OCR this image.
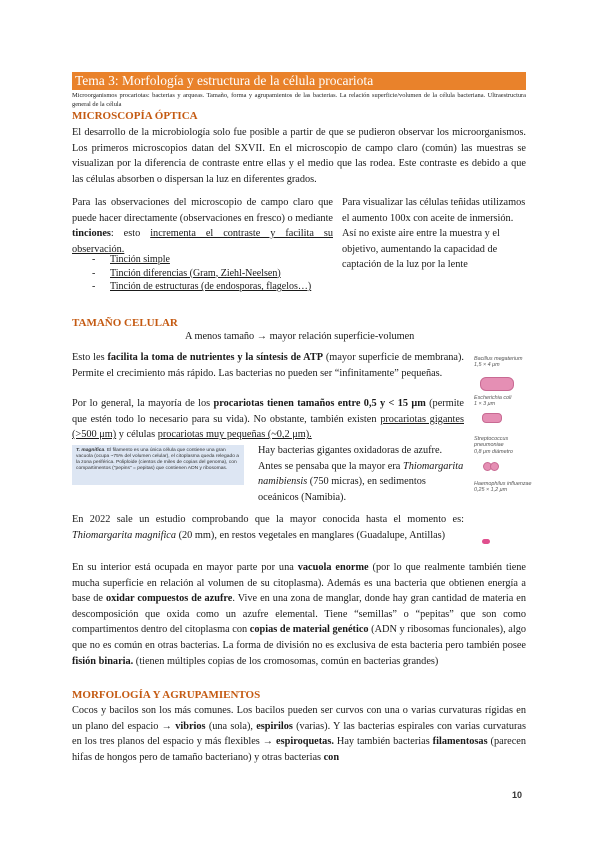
Tema 3: Morfología y estructura de la célula procariota
Microorganismos procariotas: bacterias y arqueas. Tamaño, forma y agrupamientos de las bacterias. La relación superficie/volumen de la célula bacteriana. Ultraestructura general de la célula
MICROSCOPÍA ÓPTICA
El desarrollo de la microbiología solo fue posible a partir de que se pudieron observar los microorganismos. Los primeros microscopios datan del SXVII. En el microscopio de campo claro (común) las muestras se visualizan por la diferencia de contraste entre ellas y el medio que las rodea. Este contraste es debido a que las células absorben o dispersan la luz en diferentes grados.
Para las observaciones del microscopio de campo claro que puede hacer directamente (observaciones en fresco) o mediante tinciones: esto incrementa el contraste y facilita su observación.
- Tinción simple
- Tinción diferencias (Gram, Ziehl-Neelsen)
- Tinción de estructuras (de endosporas, flagelos…)
Para visualizar las células teñidas utilizamos el aumento 100x con aceite de inmersión. Así no existe aire entre la muestra y el objetivo, aumentando la capacidad de captación de la luz por la lente
TAMAÑO CELULAR
A menos tamaño → mayor relación superficie-volumen
Esto les facilita la toma de nutrientes y la síntesis de ATP (mayor superficie de membrana). Permite el crecimiento más rápido. Las bacterias no pueden ser “infinitamente” pequeñas.
Por lo general, la mayoría de los procariotas tienen tamaños entre 0,5 y < 15 μm (permite que estén todo lo necesario para su vida). No obstante, también existen procariotas gigantes (>500 μm) y células procariotas muy pequeñas (~0,2 μm).
T. magnifica. El filamento es una única célula que contiene una gran vacuola (ocupa ~75% del volumen celular), el citoplasma queda relegado a la zona periférica. Poliploide (cientos de miles de copias del genoma), con compartimentos ("pepins" = pepitas) que contienen ADN y ribosomas.
Hay bacterias gigantes oxidadoras de azufre. Antes se pensaba que la mayor era Thiomargarita namibiensis (750 micras), en sedimentos oceánicos (Namibia).
En 2022 sale un estudio comprobando que la mayor conocida hasta el momento es: Thiomargarita magnifica (20 mm), en restos vegetales en manglares (Guadalupe, Antillas)
Bacillus megaterium
1,5 × 4 μm
Escherichia coli
1 × 3 μm
Streptococcus pneumoniae
0,8 μm diámetro
Haemophilus influenzae
0,25 × 1,2 μm
En su interior está ocupada en mayor parte por una vacuola enorme (por lo que realmente también tiene mucha superficie en relación al volumen de su citoplasma). Además es una bacteria que obtienen energía a base de oxidar compuestos de azufre. Vive en una zona de manglar, donde hay gran cantidad de materia en descomposición que oxida como un azufre elemental. Tiene “semillas” o “pepitas” que son como compartimentos dentro del citoplasma con copias de material genético (ADN y ribosomas funcionales), algo que no es común en otras bacterias. La forma de división no es exclusiva de esta bacteria pero también posee fisión binaria. (tienen múltiples copias de los cromosomas, común en bacterias grandes)
MORFOLOGÍA Y AGRUPAMIENTOS
Cocos y bacilos son los más comunes. Los bacilos pueden ser curvos con una o varias curvaturas rígidas en un plano del espacio → vibrios (una sola), espirilos (varias). Y las bacterias espirales con varias curvaturas en los tres planos del espacio y más flexibles → espiroquetas. Hay también bacterias filamentosas (parecen hifas de hongos pero de tamaño bacteriano) y otras bacterias con
10
